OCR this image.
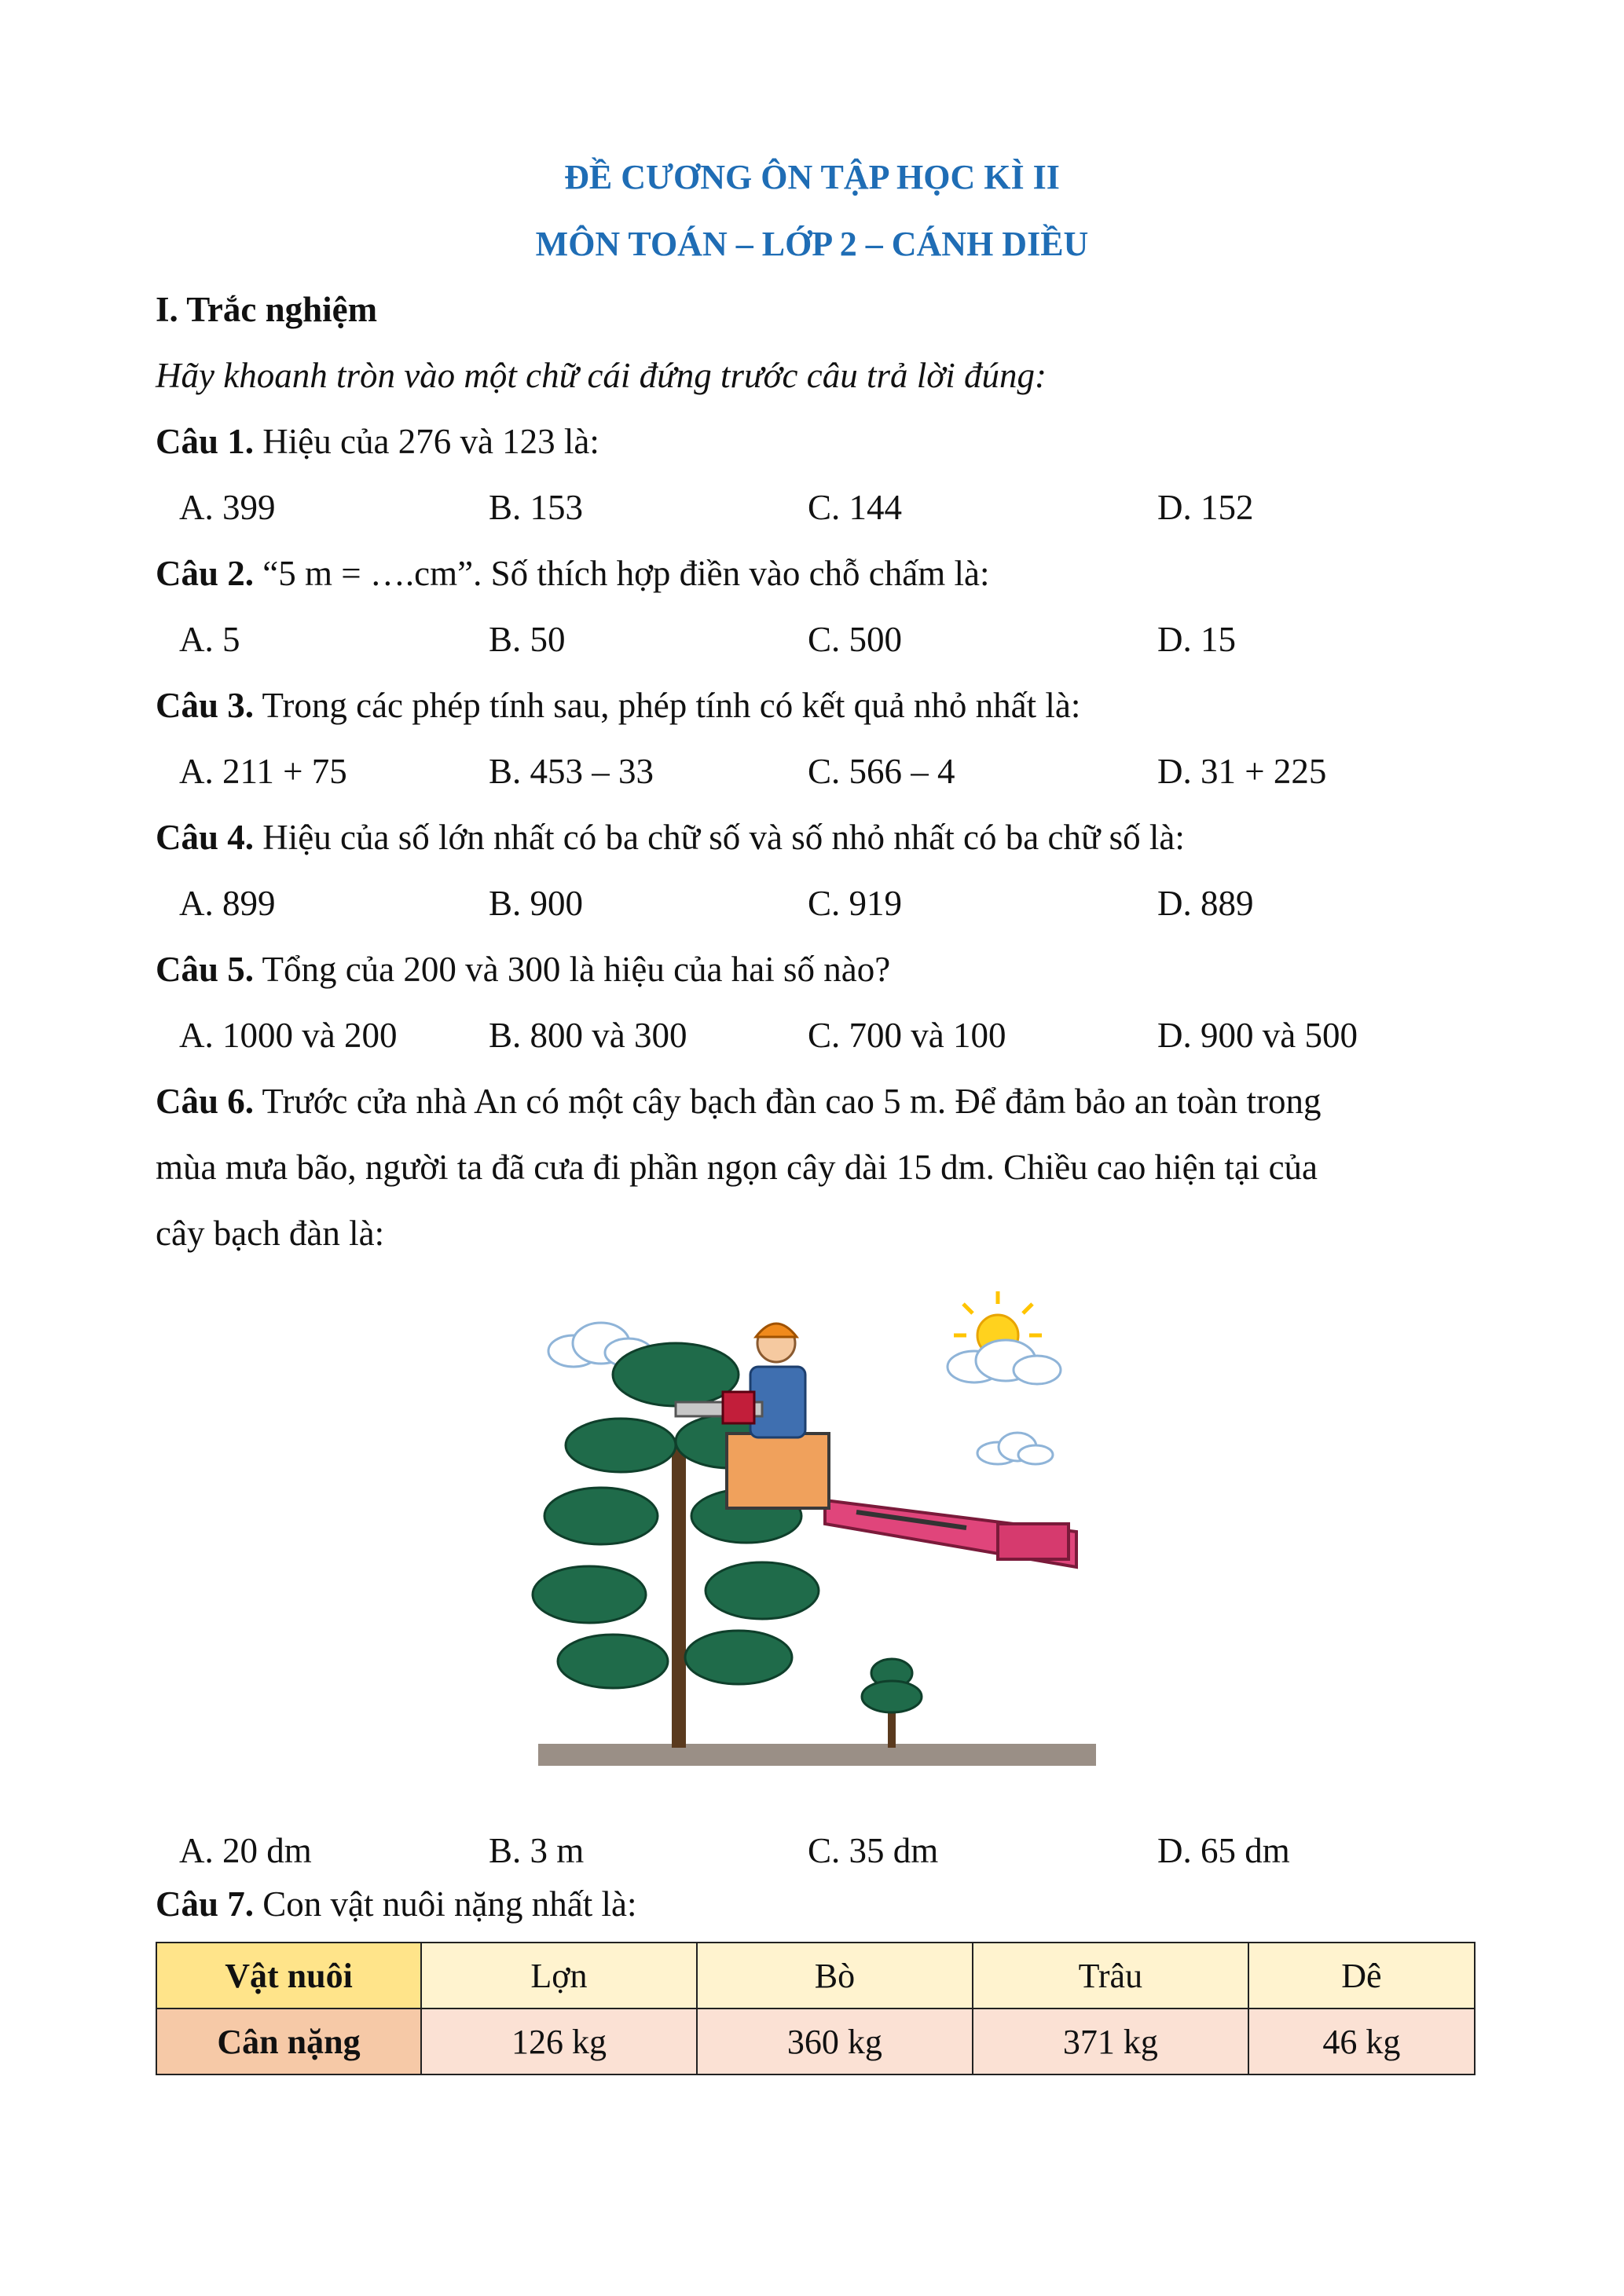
ĐỀ CƯƠNG ÔN TẬP HỌC KÌ II
MÔN TOÁN – LỚP 2 – CÁNH DIỀU
I. Trắc nghiệm
Hãy khoanh tròn vào một chữ cái đứng trước câu trả lời đúng:
Câu 1. Hiệu của 276 và 123 là:
A. 399	B. 153	C. 144	D. 152
Câu 2. “5 m = ….cm”. Số thích hợp điền vào chỗ chấm là:
A. 5	B. 50	C. 500	D. 15
Câu 3. Trong các phép tính sau, phép tính có kết quả nhỏ nhất là:
A. 211 + 75	B. 453 – 33	C. 566 – 4	D. 31 + 225
Câu 4. Hiệu của số lớn nhất có ba chữ số và số nhỏ nhất có ba chữ số là:
A. 899	B. 900	C. 919	D. 889
Câu 5. Tổng của 200 và 300 là hiệu của hai số nào?
A. 1000 và 200	B. 800 và 300	C. 700 và 100	D. 900 và 500
Câu 6. Trước cửa nhà An có một cây bạch đàn cao 5 m. Để đảm bảo an toàn trong
mùa mưa bão, người ta đã cưa đi phần ngọn cây dài 15 dm. Chiều cao hiện tại của
cây bạch đàn là:
A. 20 dm	B. 3 m	C. 35 dm	D. 65 dm
Câu 7. Con vật nuôi nặng nhất là:
Vật nuôi	Lợn	Bò	Trâu	Dê
Cân nặng	126 kg	360 kg	371 kg	46 kg
